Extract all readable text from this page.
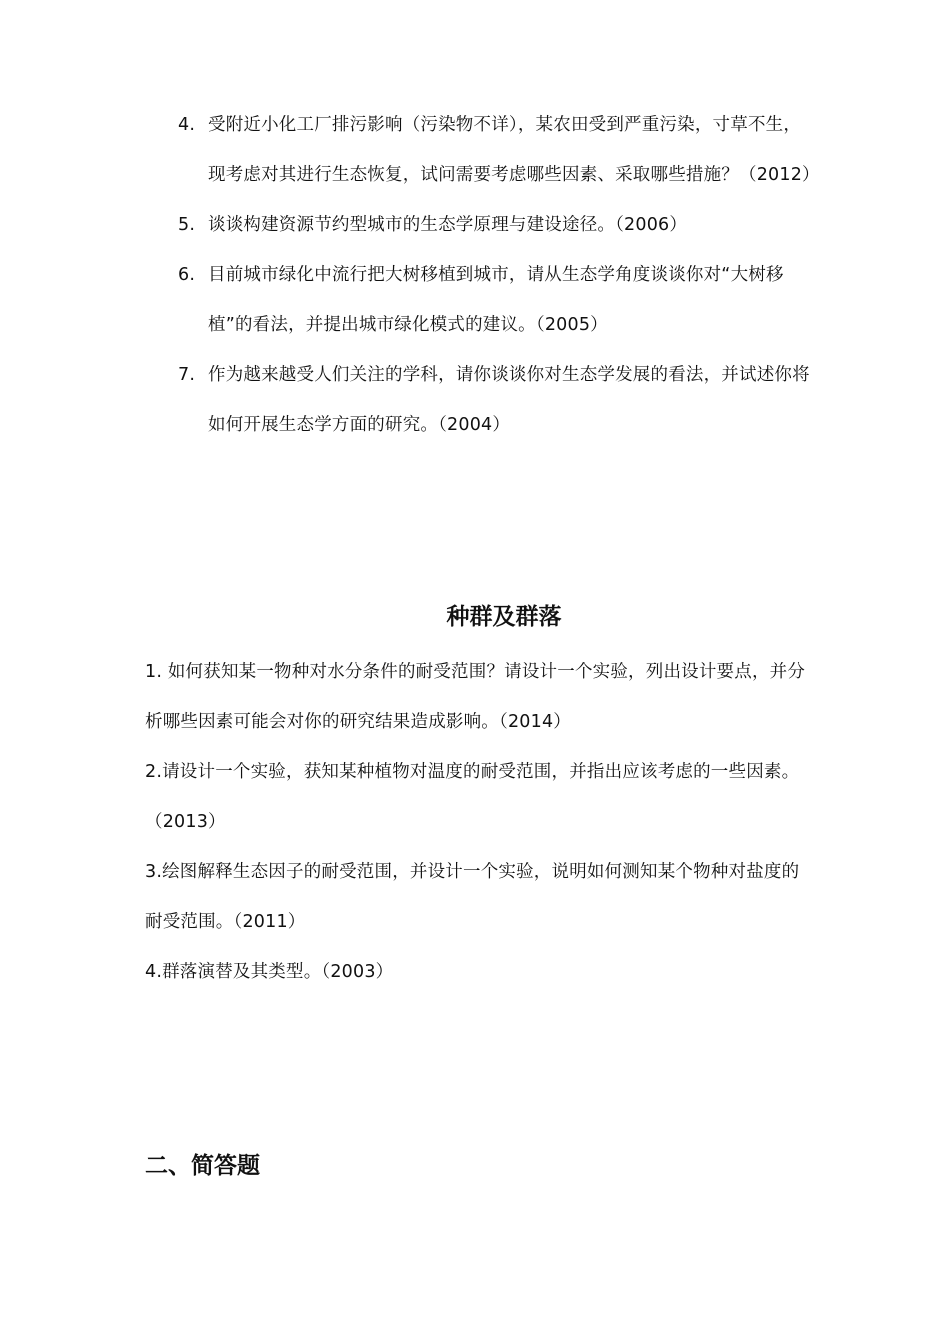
4. 受附近小化工厂排污影响（污染物不详），某农田受到严重污染，寸草不生，现考虑对其进行生态恢复，试问需要考虑哪些因素、采取哪些措施？（2012）
5. 谈谈构建资源节约型城市的生态学原理与建设途径。（2006）
6. 目前城市绿化中流行把大树移植到城市，请从生态学角度谈谈你对“大树移植”的看法，并提出城市绿化模式的建议。（2005）
7. 作为越来越受人们关注的学科，请你谈谈你对生态学发展的看法，并试述你将如何开展生态学方面的研究。（2004）
种群及群落

1. 如何获知某一物种对水分条件的耐受范围？请设计一个实验，列出设计要点，并分析哪些因素可能会对你的研究结果造成影响。（2014）

2.请设计一个实验，获知某种植物对温度的耐受范围，并指出应该考虑的一些因素。（2013）

3.绘图解释生态因子的耐受范围，并设计一个实验，说明如何测知某个物种对盐度的耐受范围。（2011）

4.群落演替及其类型。（2003）

二、简答题
